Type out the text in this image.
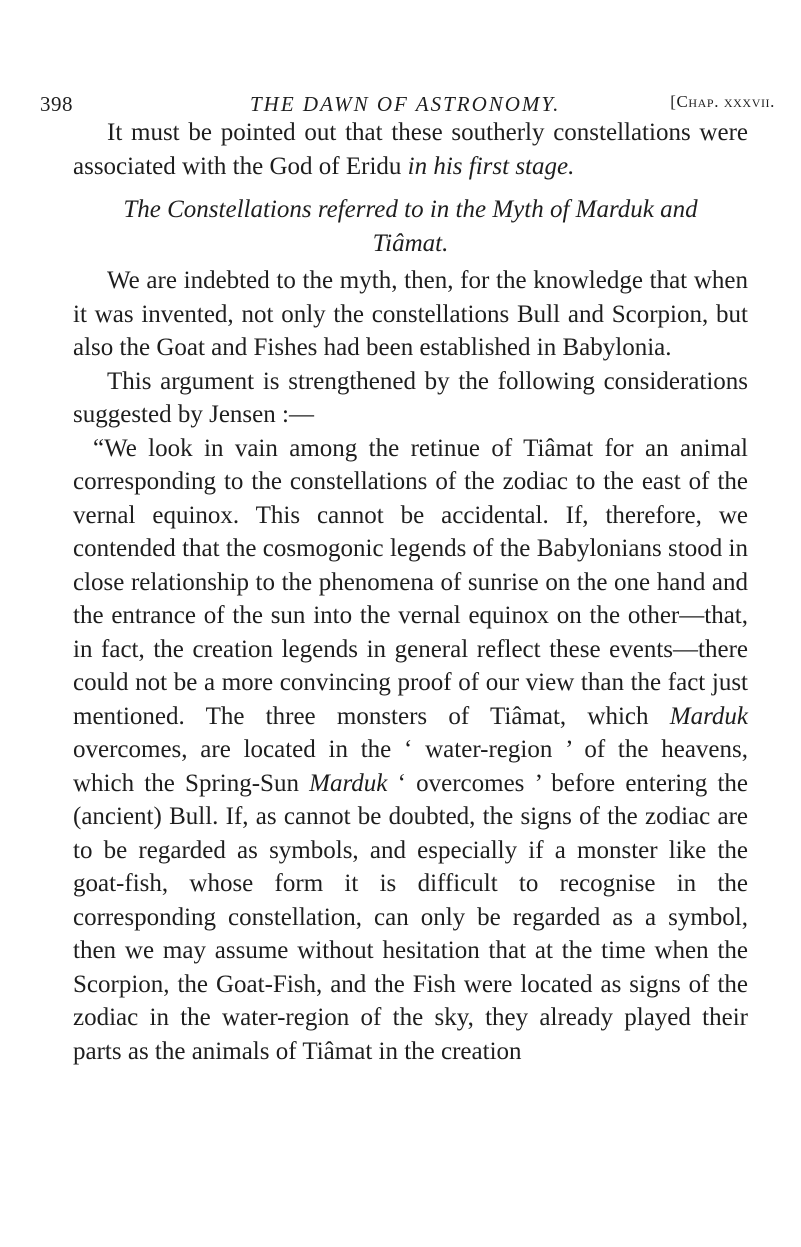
398	THE DAWN OF ASTRONOMY.	[Chap. xxxvii.

It must be pointed out that these southerly constellations were associated with the God of Eridu in his first stage.

The Constellations referred to in the Myth of Marduk and Tiâmat.

We are indebted to the myth, then, for the knowledge that when it was invented, not only the constellations Bull and Scorpion, but also the Goat and Fishes had been established in Babylonia.

This argument is strengthened by the following considerations suggested by Jensen :—

“We look in vain among the retinue of Tiâmat for an animal corresponding to the constellations of the zodiac to the east of the vernal equinox. This cannot be accidental. If, therefore, we contended that the cosmogonic legends of the Babylonians stood in close relationship to the phenomena of sunrise on the one hand and the entrance of the sun into the vernal equinox on the other—that, in fact, the creation legends in general reflect these events—there could not be a more convincing proof of our view than the fact just mentioned. The three monsters of Tiâmat, which Marduk overcomes, are located in the ‘ water-region ’ of the heavens, which the Spring-Sun Marduk ‘ overcomes ’ before entering the (ancient) Bull. If, as cannot be doubted, the signs of the zodiac are to be regarded as symbols, and especially if a monster like the goat-fish, whose form it is difficult to recognise in the corresponding constellation, can only be regarded as a symbol, then we may assume without hesitation that at the time when the Scorpion, the Goat-Fish, and the Fish were located as signs of the zodiac in the water-region of the sky, they already played their parts as the animals of Tiâmat in the creation
